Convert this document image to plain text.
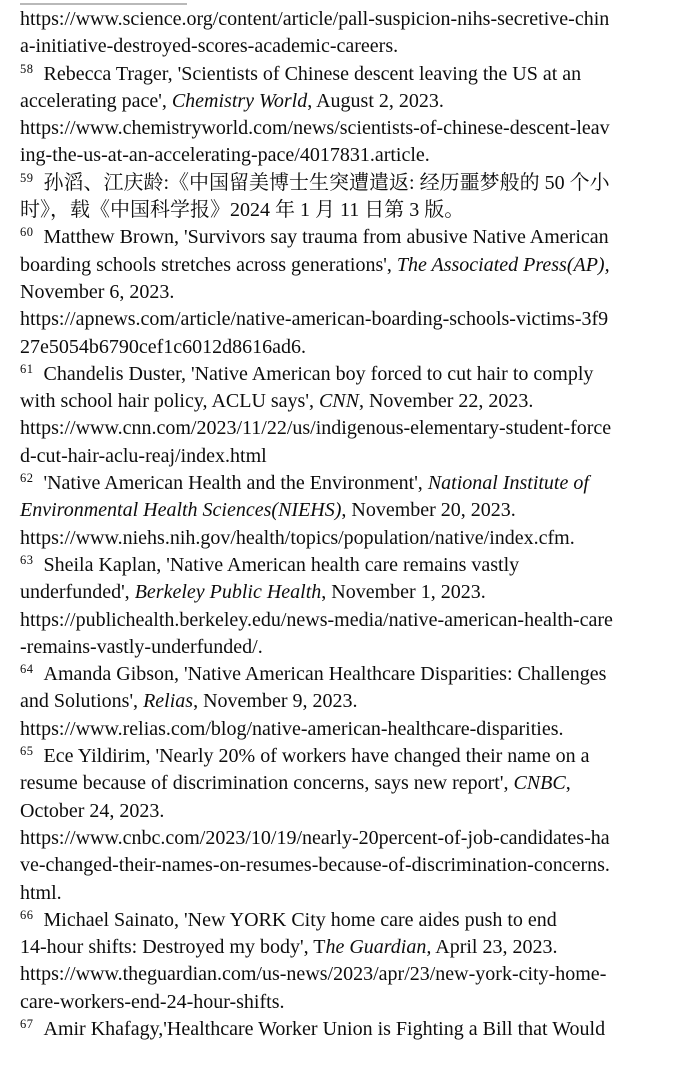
https://www.science.org/content/article/pall-suspicion-nihs-secretive-chin
a-initiative-destroyed-scores-academic-careers.
$^{58}$ Rebecca Trager, 'Scientists of Chinese descent leaving the US at an
accelerating pace', Chemistry World, August 2, 2023.
https://www.chemistryworld.com/news/scientists-of-chinese-descent-leav
ing-the-us-at-an-accelerating-pace/4017831.article.
$^{59}$ 孙滔、江庆龄:《中国留美博士生突遭遣返: 经历噩梦般的 50 个小
时》，载《中国科学报》2024 年 1 月 11 日第 3 版。
$^{60}$ Matthew Brown, 'Survivors say trauma from abusive Native American
boarding schools stretches across generations', The Associated Press(AP),
November 6, 2023.
https://apnews.com/article/native-american-boarding-schools-victims-3f9
27e5054b6790cef1c6012d8616ad6.
$^{61}$ Chandelis Duster, 'Native American boy forced to cut hair to comply
with school hair policy, ACLU says', CNN, November 22, 2023.
https://www.cnn.com/2023/11/22/us/indigenous-elementary-student-force
d-cut-hair-aclu-reaj/index.html
$^{62}$ 'Native American Health and the Environment', National Institute of
Environmental Health Sciences(NIEHS), November 20, 2023.
https://www.niehs.nih.gov/health/topics/population/native/index.cfm.
$^{63}$ Sheila Kaplan, 'Native American health care remains vastly
underfunded', Berkeley Public Health, November 1, 2023.
https://publichealth.berkeley.edu/news-media/native-american-health-care
-remains-vastly-underfunded/.
$^{64}$ Amanda Gibson, 'Native American Healthcare Disparities: Challenges
and Solutions', Relias, November 9, 2023.
https://www.relias.com/blog/native-american-healthcare-disparities.
$^{65}$ Ece Yildirim, 'Nearly 20% of workers have changed their name on a
resume because of discrimination concerns, says new report', CNBC,
October 24, 2023.
https://www.cnbc.com/2023/10/19/nearly-20percent-of-job-candidates-ha
ve-changed-their-names-on-resumes-because-of-discrimination-concerns.
html.
$^{66}$ Michael Sainato, 'New YORK City home care aides push to end
14-hour shifts: Destroyed my body', The Guardian, April 23, 2023.
https://www.theguardian.com/us-news/2023/apr/23/new-york-city-home-
care-workers-end-24-hour-shifts.
$^{67}$ Amir Khafagy,'Healthcare Worker Union is Fighting a Bill that Would
